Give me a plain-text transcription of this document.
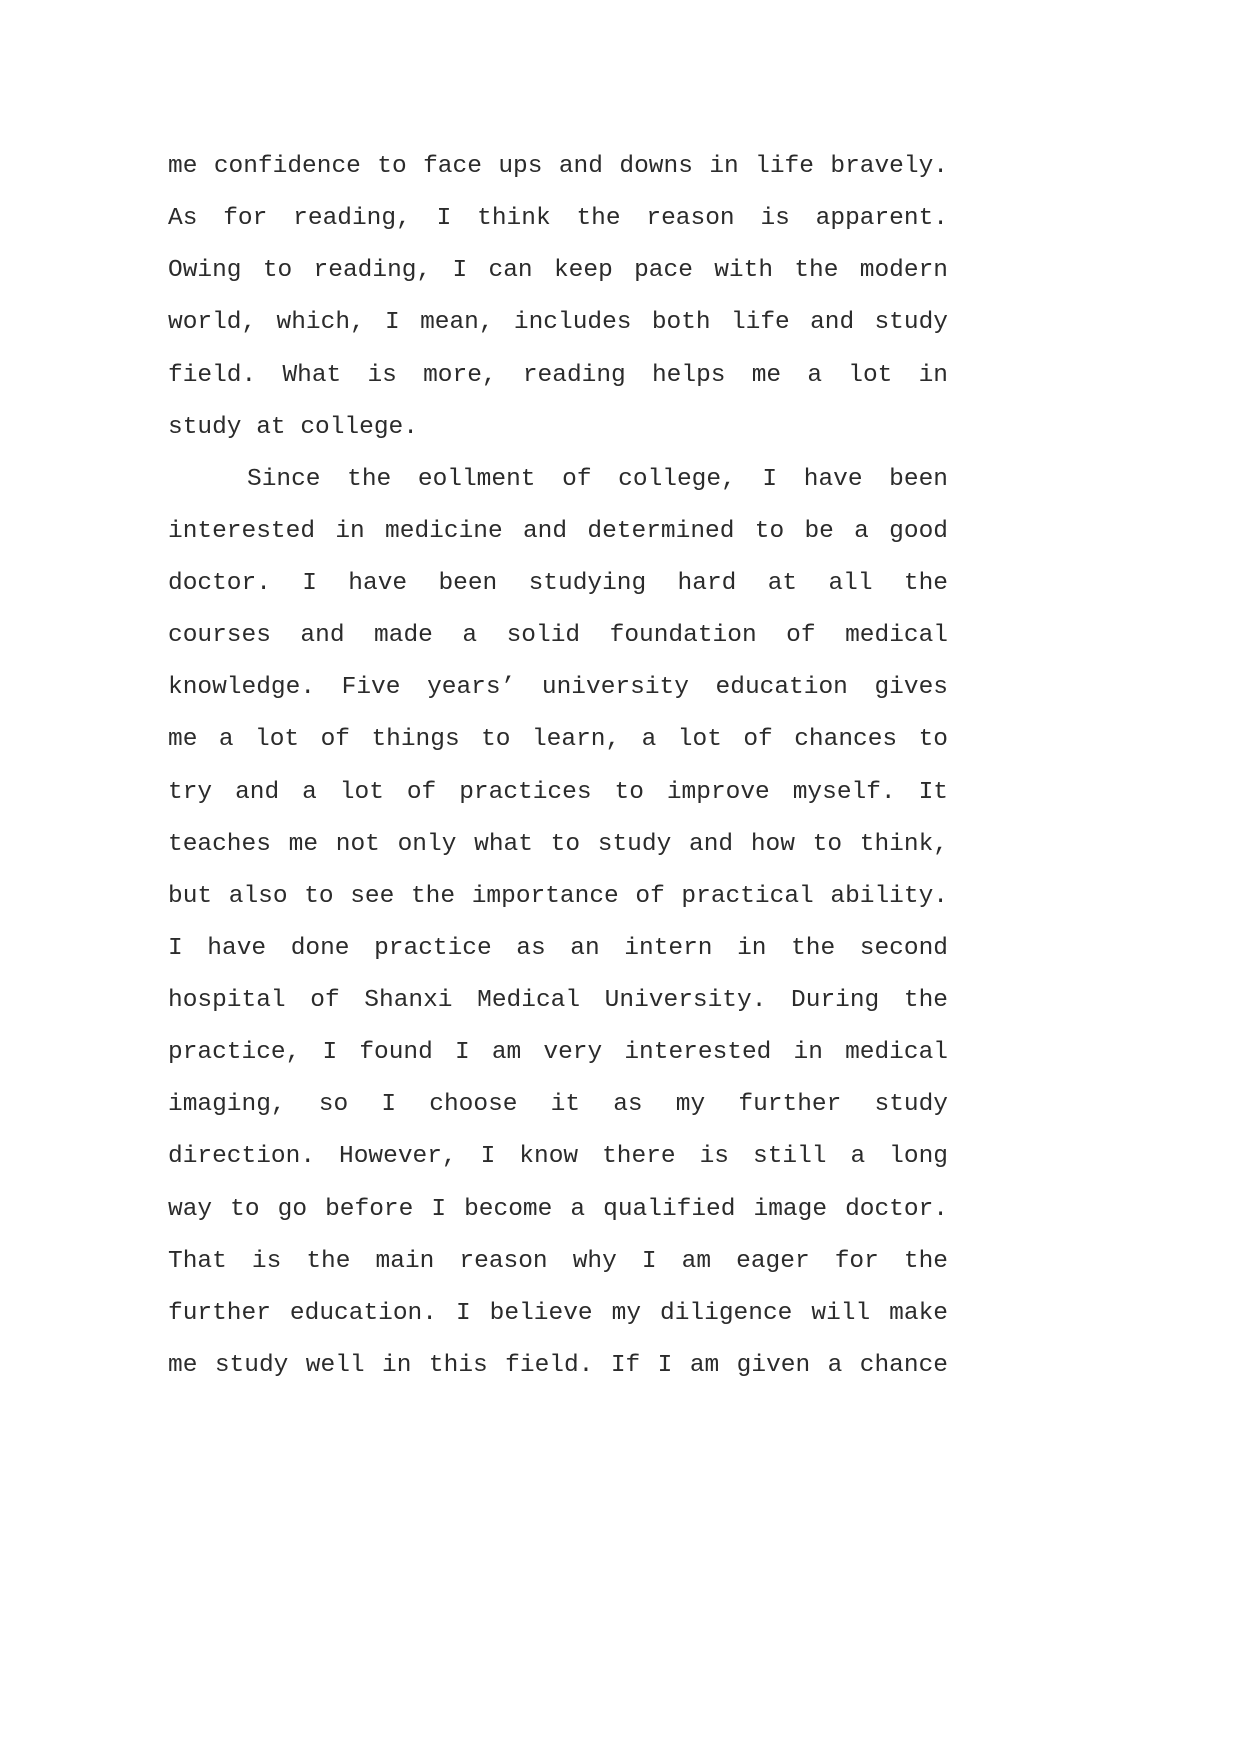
me confidence to face ups and downs in life bravely.
As for reading, I think the reason is apparent.
Owing to reading, I can keep pace with the modern
world, which, I mean, includes both life and study
field. What is more, reading helps me a lot in
study at college.
Since the eollment of college, I have been
interested in medicine and determined to be a good
doctor. I have been studying hard at all the
courses and made a solid foundation of medical
knowledge. Five years’ university education gives
me a lot of things to learn, a lot of chances to
try and a lot of practices to improve myself. It
teaches me not only what to study and how to think,
but also to see the importance of practical ability.
I have done practice as an intern in the second
hospital of Shanxi Medical University. During the
practice, I found I am very interested in medical
imaging, so I choose it as my further study
direction. However, I know there is still a long
way to go before I become a qualified image doctor.
That is the main reason why I am eager for the
further education. I believe my diligence will make
me study well in this field. If I am given a chance
